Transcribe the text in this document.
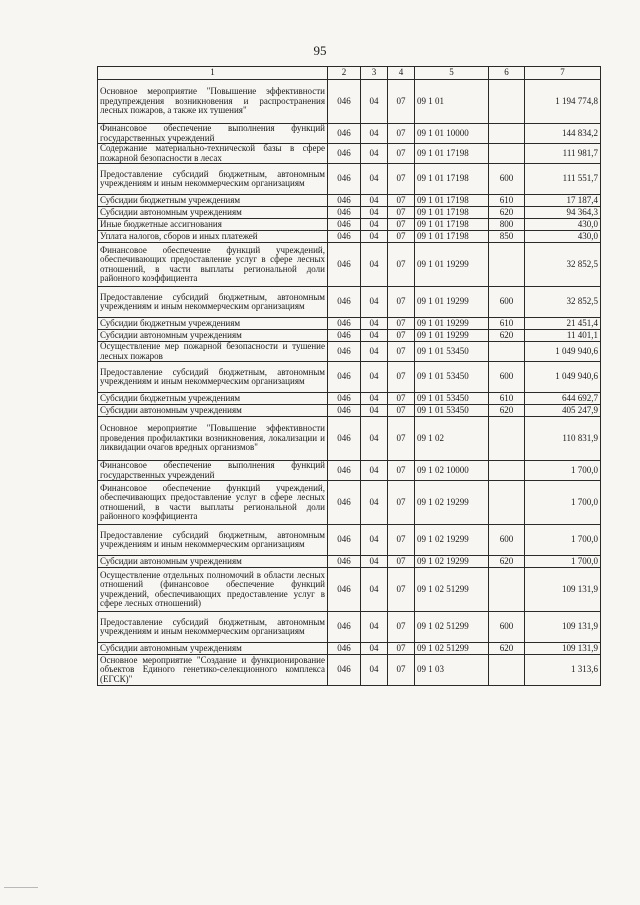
95
1	2	3	4	5	6	7
Основное мероприятие "Повышение эффективности предупреждения возникновения и распространения лесных пожаров, а также их тушения"	046	04	07	09 1 01		1 194 774,8
Финансовое обеспечение выполнения функций государственных учреждений	046	04	07	09 1 01 10000		144 834,2
Содержание материально-технической базы в сфере пожарной безопасности в лесах	046	04	07	09 1 01 17198		111 981,7
Предоставление субсидий бюджетным, автономным учреждениям и иным некоммерческим организациям	046	04	07	09 1 01 17198	600	111 551,7
Субсидии бюджетным учреждениям	046	04	07	09 1 01 17198	610	17 187,4
Субсидии автономным учреждениям	046	04	07	09 1 01 17198	620	94 364,3
Иные бюджетные ассигнования	046	04	07	09 1 01 17198	800	430,0
Уплата налогов, сборов и иных платежей	046	04	07	09 1 01 17198	850	430,0
Финансовое обеспечение функций учреждений, обеспечивающих предоставление услуг в сфере лесных отношений, в части выплаты региональной доли районного коэффициента	046	04	07	09 1 01 19299		32 852,5
Предоставление субсидий бюджетным, автономным учреждениям и иным некоммерческим организациям	046	04	07	09 1 01 19299	600	32 852,5
Субсидии бюджетным учреждениям	046	04	07	09 1 01 19299	610	21 451,4
Субсидии автономным учреждениям	046	04	07	09 1 01 19299	620	11 401,1
Осуществление мер пожарной безопасности и тушение лесных пожаров	046	04	07	09 1 01 53450		1 049 940,6
Предоставление субсидий бюджетным, автономным учреждениям и иным некоммерческим организациям	046	04	07	09 1 01 53450	600	1 049 940,6
Субсидии бюджетным учреждениям	046	04	07	09 1 01 53450	610	644 692,7
Субсидии автономным учреждениям	046	04	07	09 1 01 53450	620	405 247,9
Основное мероприятие "Повышение эффективности проведения профилактики возникновения, локализации и ликвидации очагов вредных организмов"	046	04	07	09 1 02		110 831,9
Финансовое обеспечение выполнения функций государственных учреждений	046	04	07	09 1 02 10000		1 700,0
Финансовое обеспечение функций учреждений, обеспечивающих предоставление услуг в сфере лесных отношений, в части выплаты региональной доли районного коэффициента	046	04	07	09 1 02 19299		1 700,0
Предоставление субсидий бюджетным, автономным учреждениям и иным некоммерческим организациям	046	04	07	09 1 02 19299	600	1 700,0
Субсидии автономным учреждениям	046	04	07	09 1 02 19299	620	1 700,0
Осуществление отдельных полномочий в области лесных отношений (финансовое обеспечение функций учреждений, обеспечивающих предоставление услуг в сфере лесных отношений)	046	04	07	09 1 02 51299		109 131,9
Предоставление субсидий бюджетным, автономным учреждениям и иным некоммерческим организациям	046	04	07	09 1 02 51299	600	109 131,9
Субсидии автономным учреждениям	046	04	07	09 1 02 51299	620	109 131,9
Основное мероприятие "Создание и функционирование объектов Единого генетико-селекционного комплекса (ЕГСК)"	046	04	07	09 1 03		1 313,6
